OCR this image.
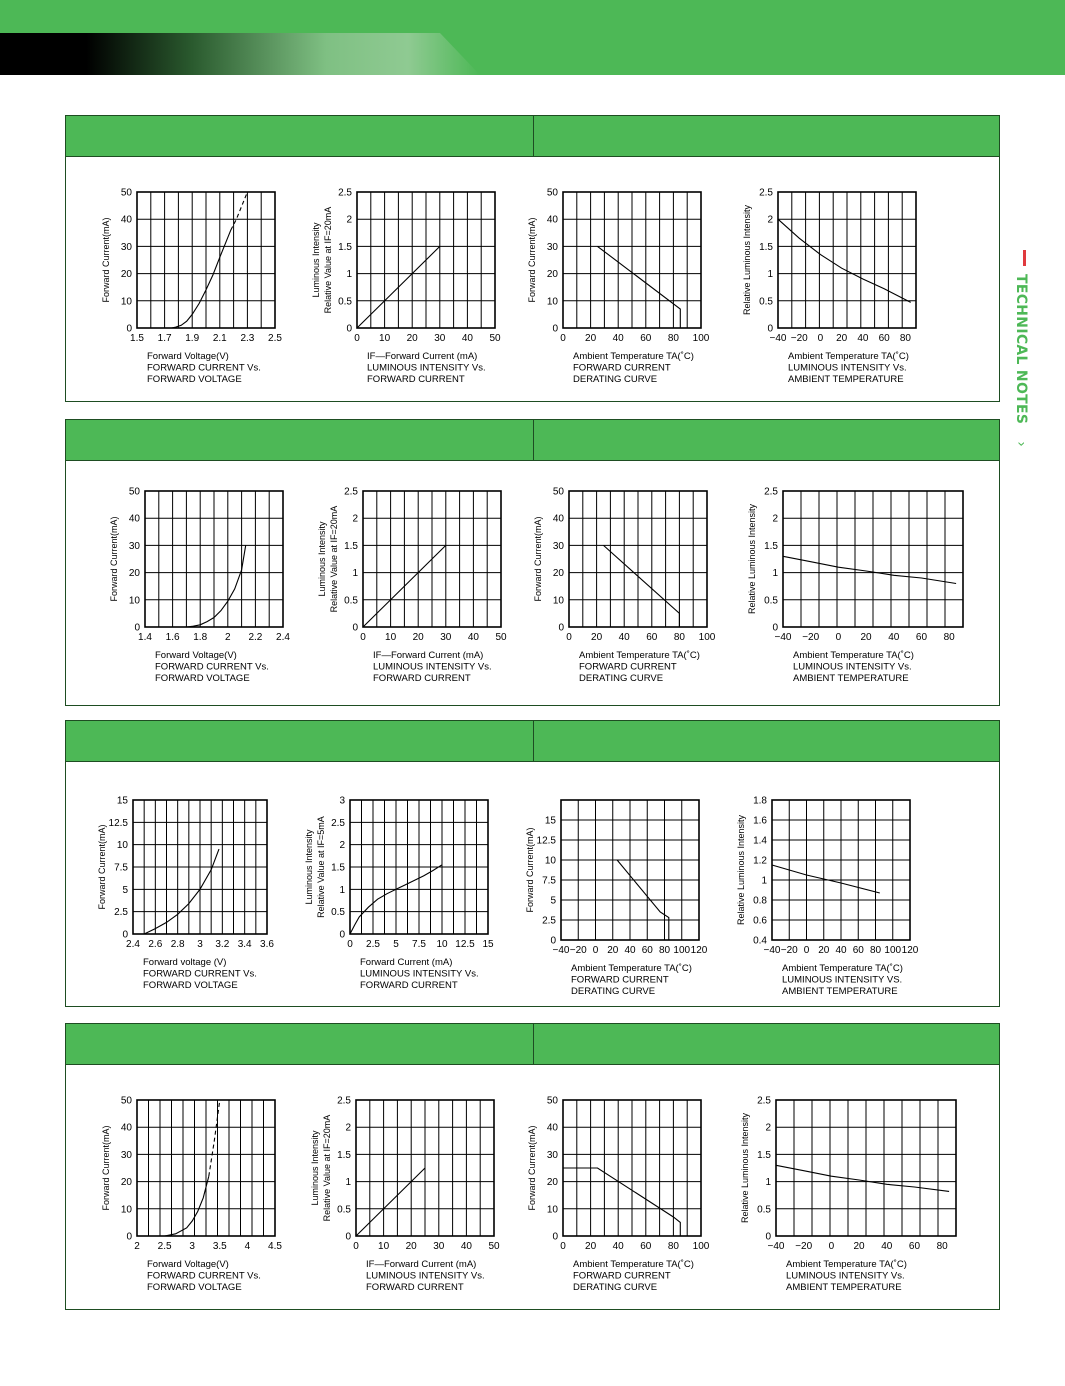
TECHNICAL NOTES
›
1.5 1.7 1.9 2.1 2.3 2.5
0
10
20
30
40
50
Forward Current(mA)
Forward Voltage(V)
FORWARD CURRENT Vs.
FORWARD VOLTAGE
0 10 20 30 40 50
0
0.5
1
1.5
2
2.5
Luminous Intensity Relative Value at IF=20mA
IF—Forward Current (mA)
LUMINOUS INTENSITY Vs.
FORWARD CURRENT
0 20 40 60 80 100
0
10
20
30
40
50
Forward Current(mA)
Ambient Temperature TA(˚C)
FORWARD CURRENT
DERATING CURVE
−40 −20 0 20 40 60 80
0
0.5
1
1.5
2
2.5
Relative Luminous Intensity
Ambient Temperature TA(˚C)
LUMINOUS INTENSITY Vs.
AMBIENT TEMPERATURE
1.4 1.6 1.8 2 2.2 2.4
0
10
20
30
40
50
Forward Current(mA)
Forward Voltage(V)
FORWARD CURRENT Vs.
FORWARD VOLTAGE
0 10 20 30 40 50
0
0.5
1
1.5
2
2.5
Luminous Intensity Relative Value at IF=20mA
IF—Forward Current (mA)
LUMINOUS INTENSITY Vs.
FORWARD CURRENT
0 20 40 60 80 100
0
10
20
30
40
50
Forward Current(mA)
Ambient Temperature TA(˚C)
FORWARD CURRENT
DERATING CURVE
−40 −20 0 20 40 60 80
0
0.5
1
1.5
2
2.5
Relative Luminous Intensity
Ambient Temperature TA(˚C)
LUMINOUS INTENSITY Vs.
AMBIENT TEMPERATURE
2.4 2.6 2.8 3 3.2 3.4 3.6
0
2.5
5
7.5
10
12.5
15
Forward Current(mA)
Forward voltage (V)
FORWARD CURRENT Vs.
FORWARD VOLTAGE
0 2.5 5 7.5 10 12.5 15
0
0.5
1
1.5
2
2.5
3
Luminous Intensity Relative Value at IF=5mA
Forward Current (mA)
LUMINOUS INTENSITY Vs.
FORWARD CURRENT
−40 −20 0 20 40 60 80 100 120
0
2.5
5
7.5
10
12.5
15
Forward Current(mA)
Ambient Temperature TA(˚C)
FORWARD CURRENT
DERATING CURVE
−40 −20 0 20 40 60 80 100 120
0.4
0.6
0.8
1
1.2
1.4
1.6
1.8
Relative Luminous Intensity
Ambient Temperature TA(˚C)
LUMINOUS INTENSITY VS.
AMBIENT TEMPERATURE
2 2.5 3 3.5 4 4.5
0
10
20
30
40
50
Forward Current(mA)
Forward Voltage(V)
FORWARD CURRENT Vs.
FORWARD VOLTAGE
0 10 20 30 40 50
0
0.5
1
1.5
2
2.5
Luminous Intensity Relative Value at IF=20mA
IF—Forward Current (mA)
LUMINOUS INTENSITY Vs.
FORWARD CURRENT
0 20 40 60 80 100
0
10
20
30
40
50
Forward Current(mA)
Ambient Temperature TA(˚C)
FORWARD CURRENT
DERATING CURVE
−40 −20 0 20 40 60 80
0
0.5
1
1.5
2
2.5
Relative Luminous Intensity
Ambient Temperature TA(˚C)
LUMINOUS INTENSITY Vs.
AMBIENT TEMPERATURE
